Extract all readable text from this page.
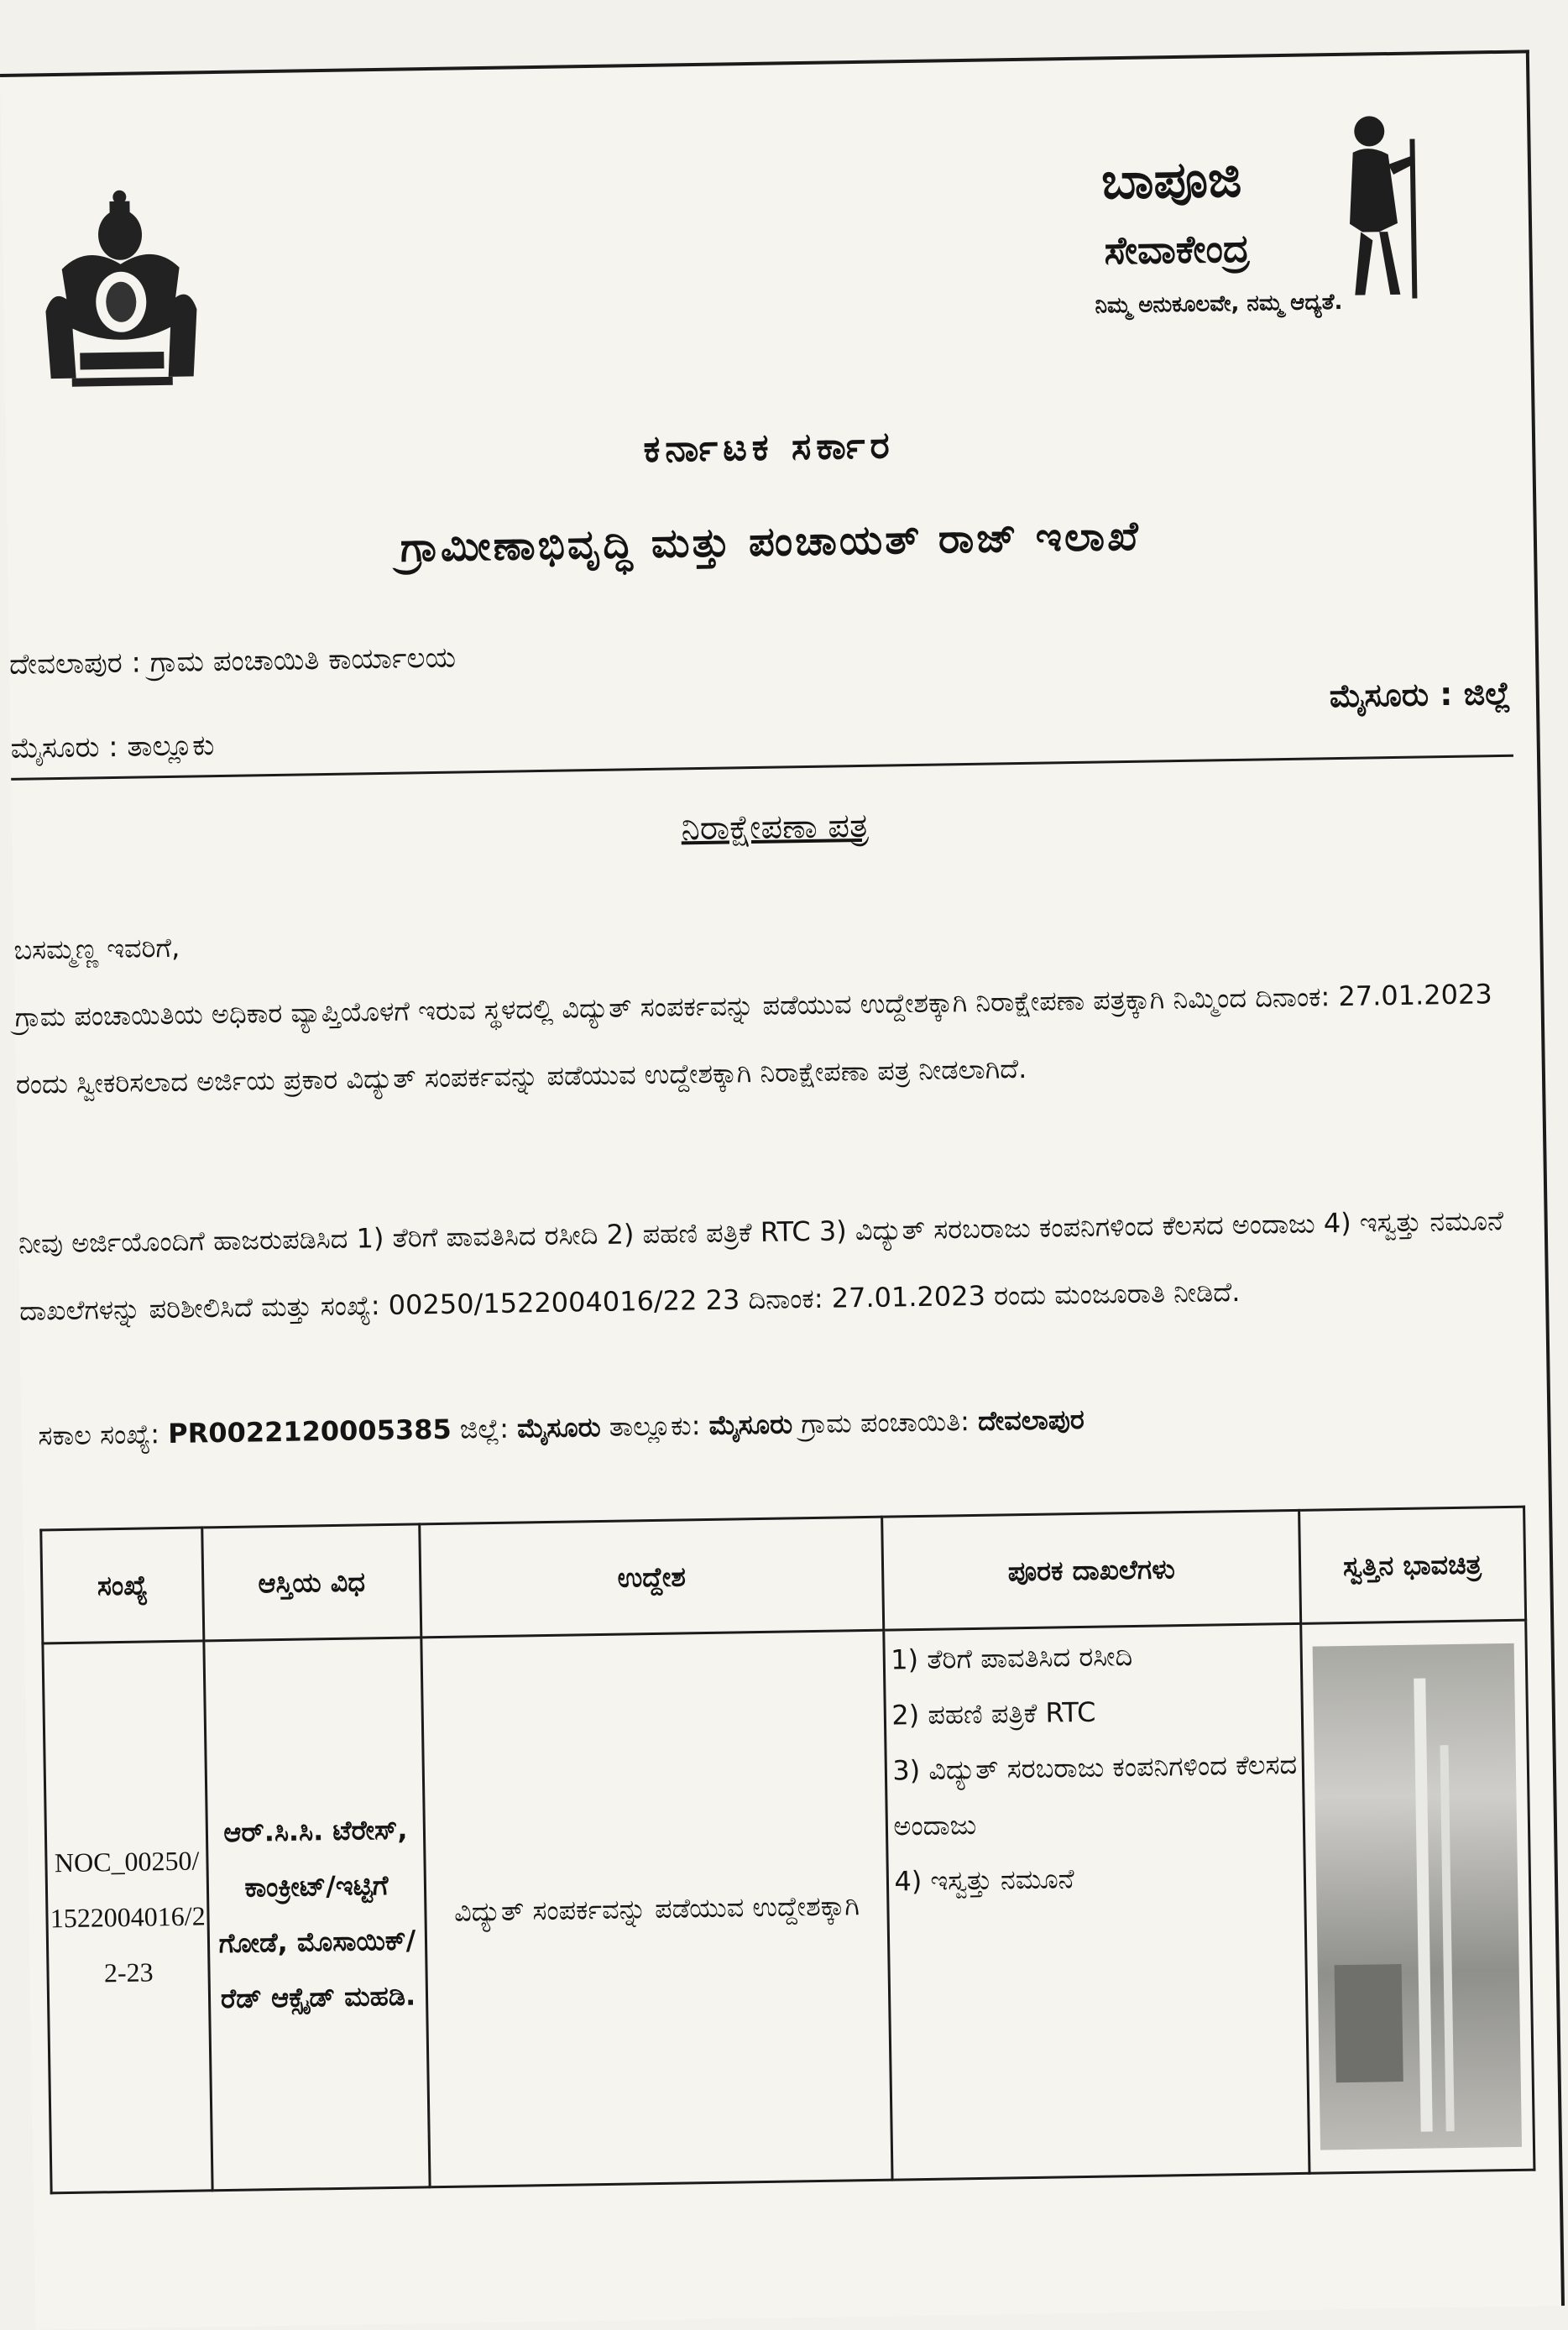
ಬಾಪೂಜಿ
ಸೇವಾಕೇಂದ್ರ
ನಿಮ್ಮ ಅನುಕೂಲವೇ, ನಮ್ಮ ಆದ್ಯತೆ.
ಕರ್ನಾಟಕ ಸರ್ಕಾರ
ಗ್ರಾಮೀಣಾಭಿವೃದ್ಧಿ ಮತ್ತು ಪಂಚಾಯತ್ ರಾಜ್ ಇಲಾಖೆ
ದೇವಲಾಪುರ : ಗ್ರಾಮ ಪಂಚಾಯಿತಿ ಕಾರ್ಯಾಲಯ
ಮೈಸೂರು : ತಾಲ್ಲೂಕು
ಮೈಸೂರು : ಜಿಲ್ಲೆ
ನಿರಾಕ್ಷೇಪಣಾ ಪತ್ರ
ಬಸಮ್ಮಣ್ಣ ಇವರಿಗೆ,
ಗ್ರಾಮ ಪಂಚಾಯಿತಿಯ ಅಧಿಕಾರ ವ್ಯಾಪ್ತಿಯೊಳಗೆ ಇರುವ ಸ್ಥಳದಲ್ಲಿ ವಿದ್ಯುತ್ ಸಂಪರ್ಕವನ್ನು ಪಡೆಯುವ ಉದ್ದೇಶಕ್ಕಾಗಿ ನಿರಾಕ್ಷೇಪಣಾ ಪತ್ರಕ್ಕಾಗಿ ನಿಮ್ಮಿಂದ ದಿನಾಂಕ: 27.01.2023 ರಂದು ಸ್ವೀಕರಿಸಲಾದ ಅರ್ಜಿಯ ಪ್ರಕಾರ ವಿದ್ಯುತ್ ಸಂಪರ್ಕವನ್ನು ಪಡೆಯುವ ಉದ್ದೇಶಕ್ಕಾಗಿ ನಿರಾಕ್ಷೇಪಣಾ ಪತ್ರ ನೀಡಲಾಗಿದೆ.
ನೀವು ಅರ್ಜಿಯೊಂದಿಗೆ ಹಾಜರುಪಡಿಸಿದ 1) ತೆರಿಗೆ ಪಾವತಿಸಿದ ರಸೀದಿ 2) ಪಹಣಿ ಪತ್ರಿಕೆ RTC 3) ವಿದ್ಯುತ್ ಸರಬರಾಜು ಕಂಪನಿಗಳಿಂದ ಕೆಲಸದ ಅಂದಾಜು 4) ಇಸ್ವತ್ತು ನಮೂನೆ ದಾಖಲೆಗಳನ್ನು ಪರಿಶೀಲಿಸಿದೆ ಮತ್ತು ಸಂಖ್ಯೆ: 00250/1522004016/22 23 ದಿನಾಂಕ: 27.01.2023 ರಂದು ಮಂಜೂರಾತಿ ನೀಡಿದೆ.
ಸಕಾಲ ಸಂಖ್ಯೆ: PR0022120005385 ಜಿಲ್ಲೆ: ಮೈಸೂರು ತಾಲ್ಲೂಕು: ಮೈಸೂರು ಗ್ರಾಮ ಪಂಚಾಯಿತಿ: ದೇವಲಾಪುರ
ಸಂಖ್ಯೆ	ಆಸ್ತಿಯ ವಿಧ	ಉದ್ದೇಶ	ಪೂರಕ ದಾಖಲೆಗಳು	ಸ್ವತ್ತಿನ ಭಾವಚಿತ್ರ
NOC_00250/1522004016/22-23	ಆರ್.ಸಿ.ಸಿ. ಟೆರೇಸ್, ಕಾಂಕ್ರೀಟ್/ಇಟ್ಟಿಗೆ ಗೋಡೆ, ಮೊಸಾಯಿಕ್/ರೆಡ್ ಆಕ್ಸೈಡ್ ಮಹಡಿ.	ವಿದ್ಯುತ್ ಸಂಪರ್ಕವನ್ನು ಪಡೆಯುವ ಉದ್ದೇಶಕ್ಕಾಗಿ	1) ತೆರಿಗೆ ಪಾವತಿಸಿದ ರಸೀದಿ
2) ಪಹಣಿ ಪತ್ರಿಕೆ RTC
3) ವಿದ್ಯುತ್ ಸರಬರಾಜು ಕಂಪನಿಗಳಿಂದ ಕೆಲಸದ ಅಂದಾಜು
4) ಇಸ್ವತ್ತು ನಮೂನೆ	
